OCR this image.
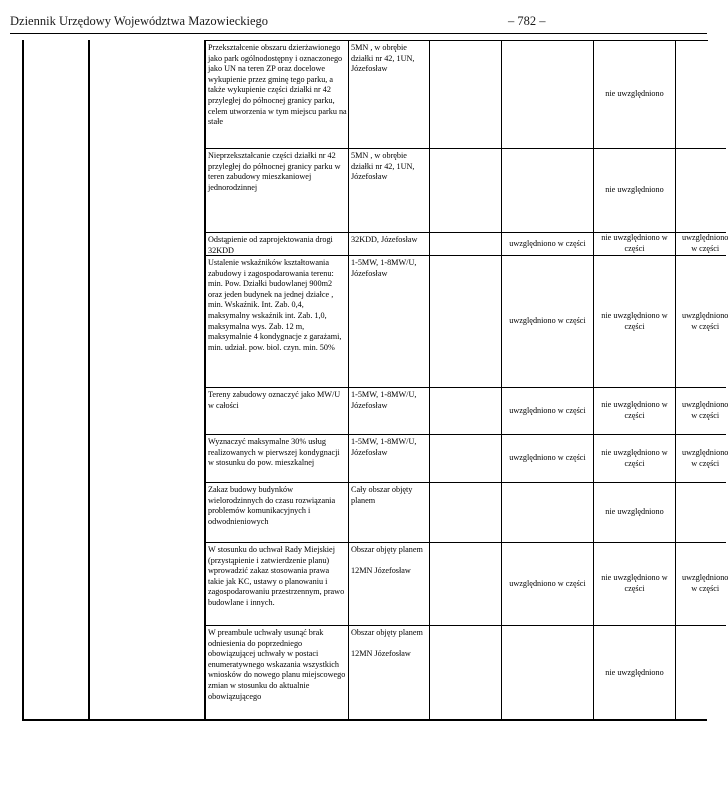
Dziennik Urzędowy Województwa Mazowieckiego	– 782 –
Przekształcenie obszaru dzierżawionego jako park ogólnodostępny i oznaczonego jako UN na teren ZP oraz docelowe wykupienie przez gminę tego parku, a także wykupienie części działki nr 42 przyległej do północnej granicy parku, celem utworzenia w tym miejscu parku na stałe
5MN , w obrębie działki nr 42, 1UN, Józefosław
nie uwzględniono
Nieprzekształcanie części działki nr 42 przyległej do północnej granicy parku w teren zabudowy mieszkaniowej jednorodzinnej
5MN , w obrębie działki nr 42, 1UN, Józefosław
nie uwzględniono
Odstąpienie od zaprojektowania drogi 32KDD
32KDD, Józefosław	uwzględniono w części
nie uwzględniono w części
uwzględniono w części
Ustalenie wskaźników kształtowania zabudowy i zagospodarowania terenu: min. Pow. Działki budowlanej 900m2 oraz jeden budynek na jednej działce , min. Wskaźnik. Int. Zab. 0,4, maksymalny wskaźnik int. Zab. 1,0, maksymalna wys. Zab. 12 m, maksymalnie 4 kondygnacje z garażami, min. udział. pow. biol. czyn. min. 50%
1-5MW, 1-8MW/U, Józefosław
uwzględniono w części
nie uwzględniono w części
uwzględniono w części
Tereny zabudowy oznaczyć jako MW/U w całości
1-5MW, 1-8MW/U, Józefosław
uwzględniono w części
nie uwzględniono w części
uwzględniono w części
Wyznaczyć maksymalne 30% usług realizowanych w pierwszej kondygnacji w stosunku do pow. mieszkalnej
1-5MW, 1-8MW/U, Józefosław
uwzględniono w części
nie uwzględniono w części
uwzględniono w części
Zakaz budowy budynków wielorodzinnych do czasu rozwiązania problemów komunikacyjnych i odwodnieniowych
Cały obszar objęty planem
nie uwzględniono
W stosunku do uchwał Rady Miejskiej (przystąpienie i zatwierdzenie planu) wprowadzić zakaz stosowania prawa takie jak KC, ustawy o planowaniu i zagospodarowaniu przestrzennym, prawo budowlane i innych.
Obszar objęty planem

12MN Józefosław
uwzględniono w części
nie uwzględniono w części
uwzględniono w części
W preambule uchwały usunąć brak odniesienia do poprzedniego obowiązującej uchwały w postaci enumeratywnego wskazania wszystkich wniosków do nowego planu miejscowego zmian w stosunku do aktualnie obowiązującego
Obszar objęty planem

12MN Józefosław
nie uwzględniono
